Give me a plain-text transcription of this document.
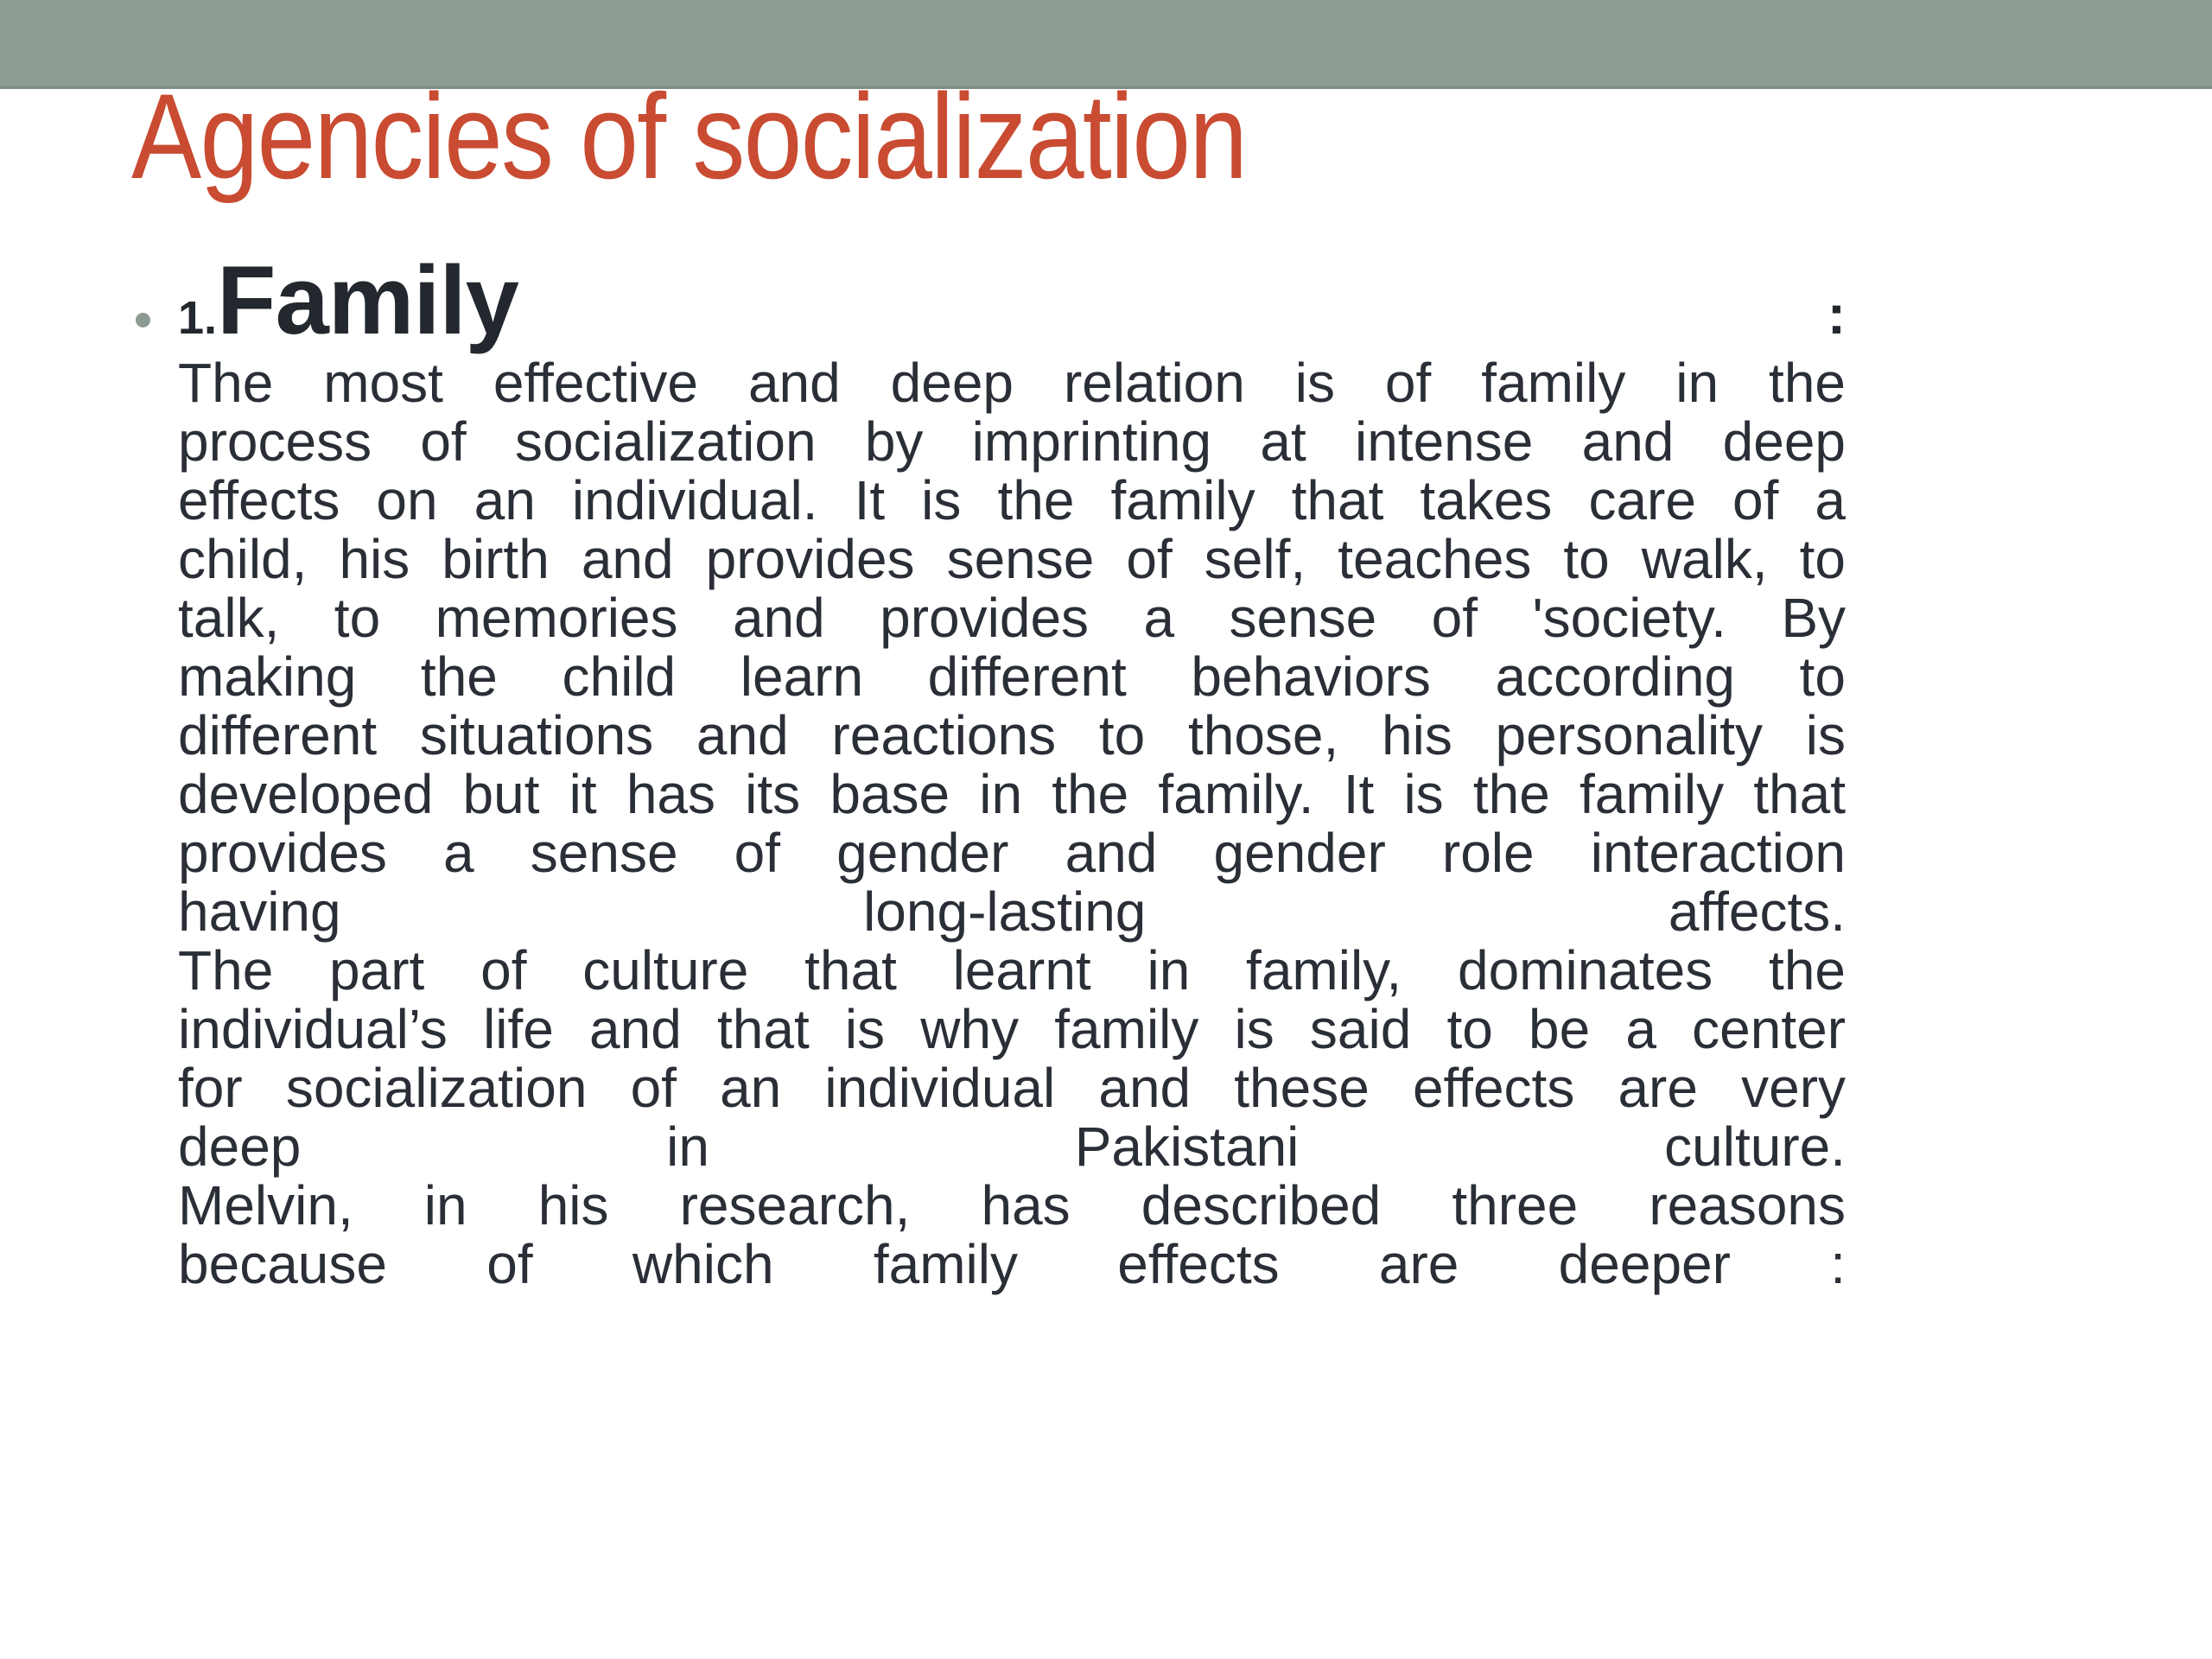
Agencies of socialization
1. Family	:
The most effective and deep relation is of family in the
process of socialization by imprinting at intense and deep
effects on an individual. It is the family that takes care of a
child, his birth and provides sense of self, teaches to walk, to
talk, to memories and provides a sense of 'society. By
making the child learn different behaviors according to
different situations and reactions to those, his personality is
developed but it has its base in the family. It is the family that
provides a sense of gender and gender role interaction
having long-lasting affects.
The part of culture that learnt in family, dominates the
individual’s life and that is why family is said to be a center
for socialization of an individual and these effects are very
deep in Pakistani culture.
Melvin, in his research, has described three reasons
because of which family effects are deeper :
